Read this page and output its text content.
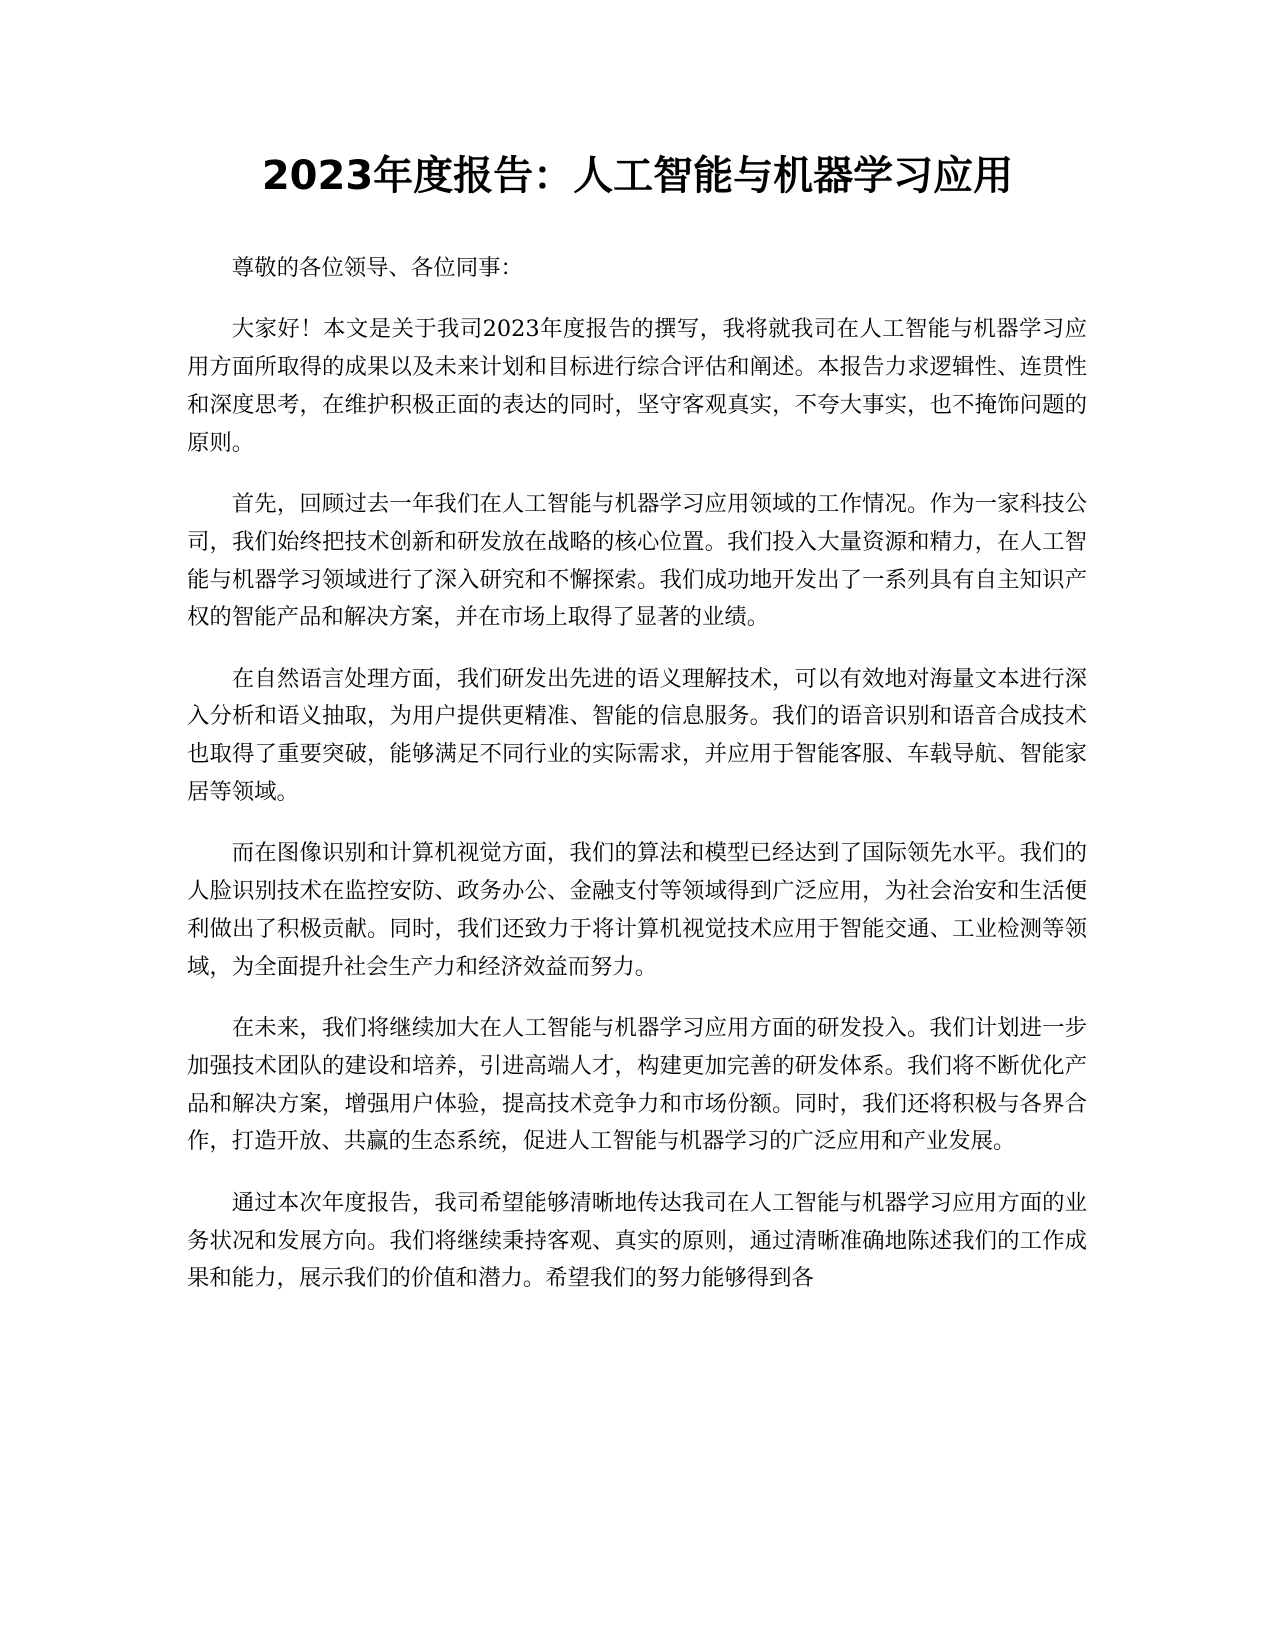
2023年度报告：人工智能与机器学习应用

尊敬的各位领导、各位同事：

大家好！本文是关于我司2023年度报告的撰写，我将就我司在人工智能与机器学习应用方面所取得的成果以及未来计划和目标进行综合评估和阐述。本报告力求逻辑性、连贯性和深度思考，在维护积极正面的表达的同时，坚守客观真实，不夸大事实，也不掩饰问题的原则。

首先，回顾过去一年我们在人工智能与机器学习应用领域的工作情况。作为一家科技公司，我们始终把技术创新和研发放在战略的核心位置。我们投入大量资源和精力，在人工智能与机器学习领域进行了深入研究和不懈探索。我们成功地开发出了一系列具有自主知识产权的智能产品和解决方案，并在市场上取得了显著的业绩。

在自然语言处理方面，我们研发出先进的语义理解技术，可以有效地对海量文本进行深入分析和语义抽取，为用户提供更精准、智能的信息服务。我们的语音识别和语音合成技术也取得了重要突破，能够满足不同行业的实际需求，并应用于智能客服、车载导航、智能家居等领域。

而在图像识别和计算机视觉方面，我们的算法和模型已经达到了国际领先水平。我们的人脸识别技术在监控安防、政务办公、金融支付等领域得到广泛应用，为社会治安和生活便利做出了积极贡献。同时，我们还致力于将计算机视觉技术应用于智能交通、工业检测等领域，为全面提升社会生产力和经济效益而努力。

在未来，我们将继续加大在人工智能与机器学习应用方面的研发投入。我们计划进一步加强技术团队的建设和培养，引进高端人才，构建更加完善的研发体系。我们将不断优化产品和解决方案，增强用户体验，提高技术竞争力和市场份额。同时，我们还将积极与各界合作，打造开放、共赢的生态系统，促进人工智能与机器学习的广泛应用和产业发展。

通过本次年度报告，我司希望能够清晰地传达我司在人工智能与机器学习应用方面的业务状况和发展方向。我们将继续秉持客观、真实的原则，通过清晰准确地陈述我们的工作成果和能力，展示我们的价值和潜力。希望我们的努力能够得到各
